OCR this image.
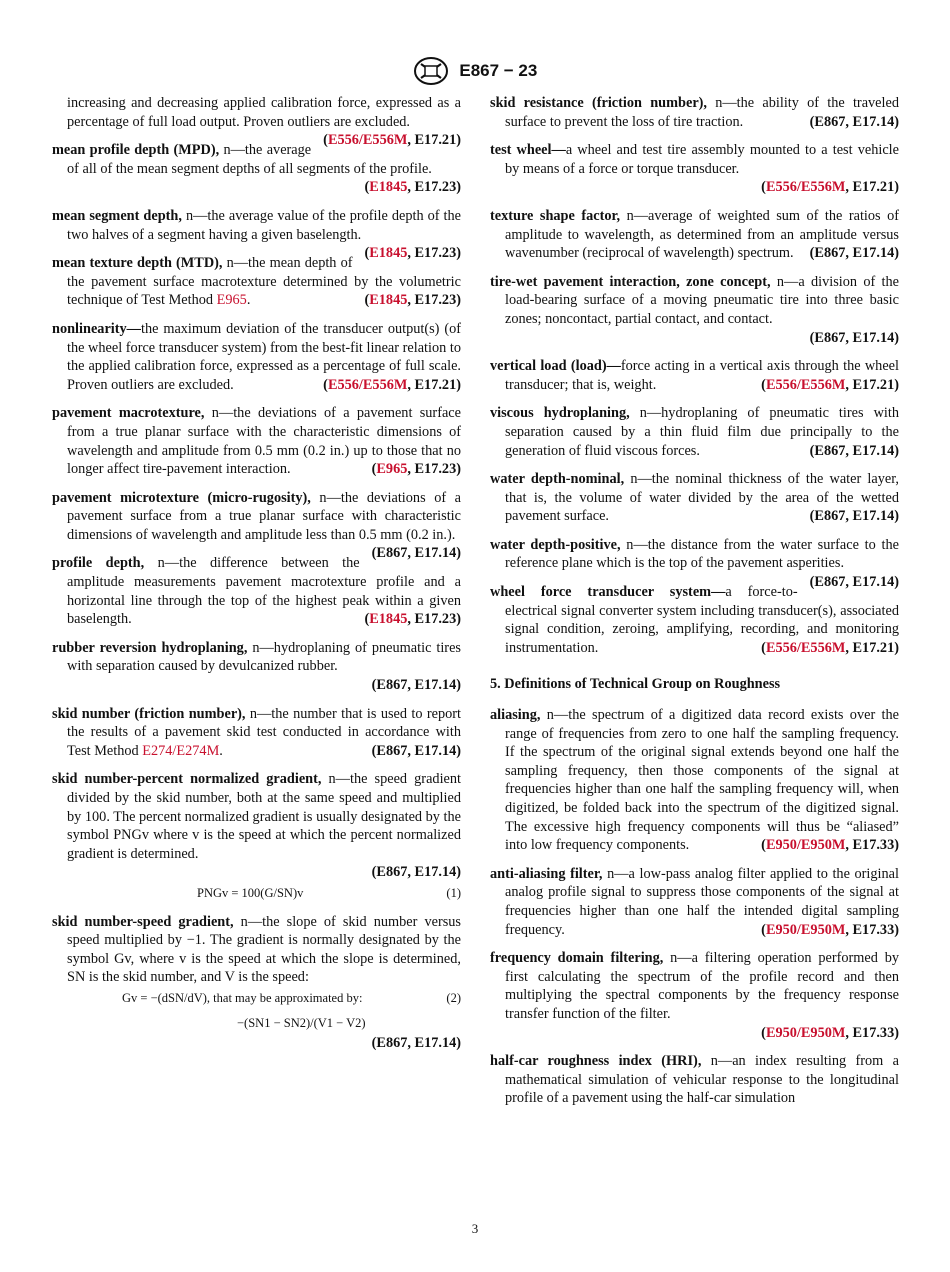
E867 − 23
increasing and decreasing applied calibration force, expressed as a percentage of full load output. Proven outliers are excluded.
(E556/E556M, E17.21)
mean profile depth (MPD), n—the average of all of the mean segment depths of all segments of the profile.
(E1845, E17.23)
mean segment depth, n—the average value of the profile depth of the two halves of a segment having a given baselength.
(E1845, E17.23)
mean texture depth (MTD), n—the mean depth of the pavement surface macrotexture determined by the volumetric technique of Test Method E965.	(E1845, E17.23)
nonlinearity—the maximum deviation of the transducer output(s) (of the wheel force transducer system) from the best-fit linear relation to the applied calibration force, expressed as a percentage of full scale. Proven outliers are excluded.	(E556/E556M, E17.21)
pavement macrotexture, n—the deviations of a pavement surface from a true planar surface with the characteristic dimensions of wavelength and amplitude from 0.5 mm (0.2 in.) up to those that no longer affect tire-pavement interaction.	(E965, E17.23)
pavement microtexture (micro-rugosity), n—the deviations of a pavement surface from a true planar surface with characteristic dimensions of wavelength and amplitude less than 0.5 mm (0.2 in.).
(E867, E17.14)
profile depth, n—the difference between the amplitude measurements pavement macrotexture profile and a horizontal line through the top of the highest peak within a given baselength.	(E1845, E17.23)
rubber reversion hydroplaning, n—hydroplaning of pneumatic tires with separation caused by devulcanized rubber.
(E867, E17.14)
skid number (friction number), n—the number that is used to report the results of a pavement skid test conducted in accordance with Test Method E274/E274M.	(E867, E17.14)
skid number-percent normalized gradient, n—the speed gradient divided by the skid number, both at the same speed and multiplied by 100. The percent normalized gradient is usually designated by the symbol PNGv where v is the speed at which the percent normalized gradient is determined.
(E867, E17.14)
PNGv = 100(G/SN)v	(1)
skid number-speed gradient, n—the slope of skid number versus speed multiplied by −1. The gradient is normally designated by the symbol Gv, where v is the speed at which the slope is determined, SN is the skid number, and V is the speed:
Gv = −(dSN/dV), that may be approximated by:	(2)
−(SN1 − SN2)/(V1 − V2)
(E867, E17.14)
skid resistance (friction number), n—the ability of the traveled surface to prevent the loss of tire traction.	(E867, E17.14)
test wheel—a wheel and test tire assembly mounted to a test vehicle by means of a force or torque transducer.
(E556/E556M, E17.21)
texture shape factor, n—average of weighted sum of the ratios of amplitude to wavelength, as determined from an amplitude versus wavenumber (reciprocal of wavelength) spectrum. (E867, E17.14)
tire-wet pavement interaction, zone concept, n—a division of the load-bearing surface of a moving pneumatic tire into three basic zones; noncontact, partial contact, and contact.
(E867, E17.14)
vertical load (load)—force acting in a vertical axis through the wheel transducer; that is, weight.	(E556/E556M, E17.21)
viscous hydroplaning, n—hydroplaning of pneumatic tires with separation caused by a thin fluid film due principally to the generation of fluid viscous forces.	(E867, E17.14)
water depth-nominal, n—the nominal thickness of the water layer, that is, the volume of water divided by the area of the wetted pavement surface.	(E867, E17.14)
water depth-positive, n—the distance from the water surface to the reference plane which is the top of the pavement asperities.
(E867, E17.14)
wheel force transducer system—a force-to-electrical signal converter system including transducer(s), associated signal condition, zeroing, amplifying, recording, and monitoring instrumentation.	(E556/E556M, E17.21)
5. Definitions of Technical Group on Roughness
aliasing, n—the spectrum of a digitized data record exists over the range of frequencies from zero to one half the sampling frequency. If the spectrum of the original signal extends beyond one half the sampling frequency, then those components of the signal at frequencies higher than one half the sampling frequency will, when digitized, be folded back into the spectrum of the digitized signal. The excessive high frequency components will thus be “aliased” into low frequency components.	(E950/E950M, E17.33)
anti-aliasing filter, n—a low-pass analog filter applied to the original analog profile signal to suppress those components of the signal at frequencies higher than one half the intended digital sampling frequency.	(E950/E950M, E17.33)
frequency domain filtering, n—a filtering operation performed by first calculating the spectrum of the profile record and then multiplying the spectral components by the frequency response transfer function of the filter.
(E950/E950M, E17.33)
half-car roughness index (HRI), n—an index resulting from a mathematical simulation of vehicular response to the longitudinal profile of a pavement using the half-car simulation
3
